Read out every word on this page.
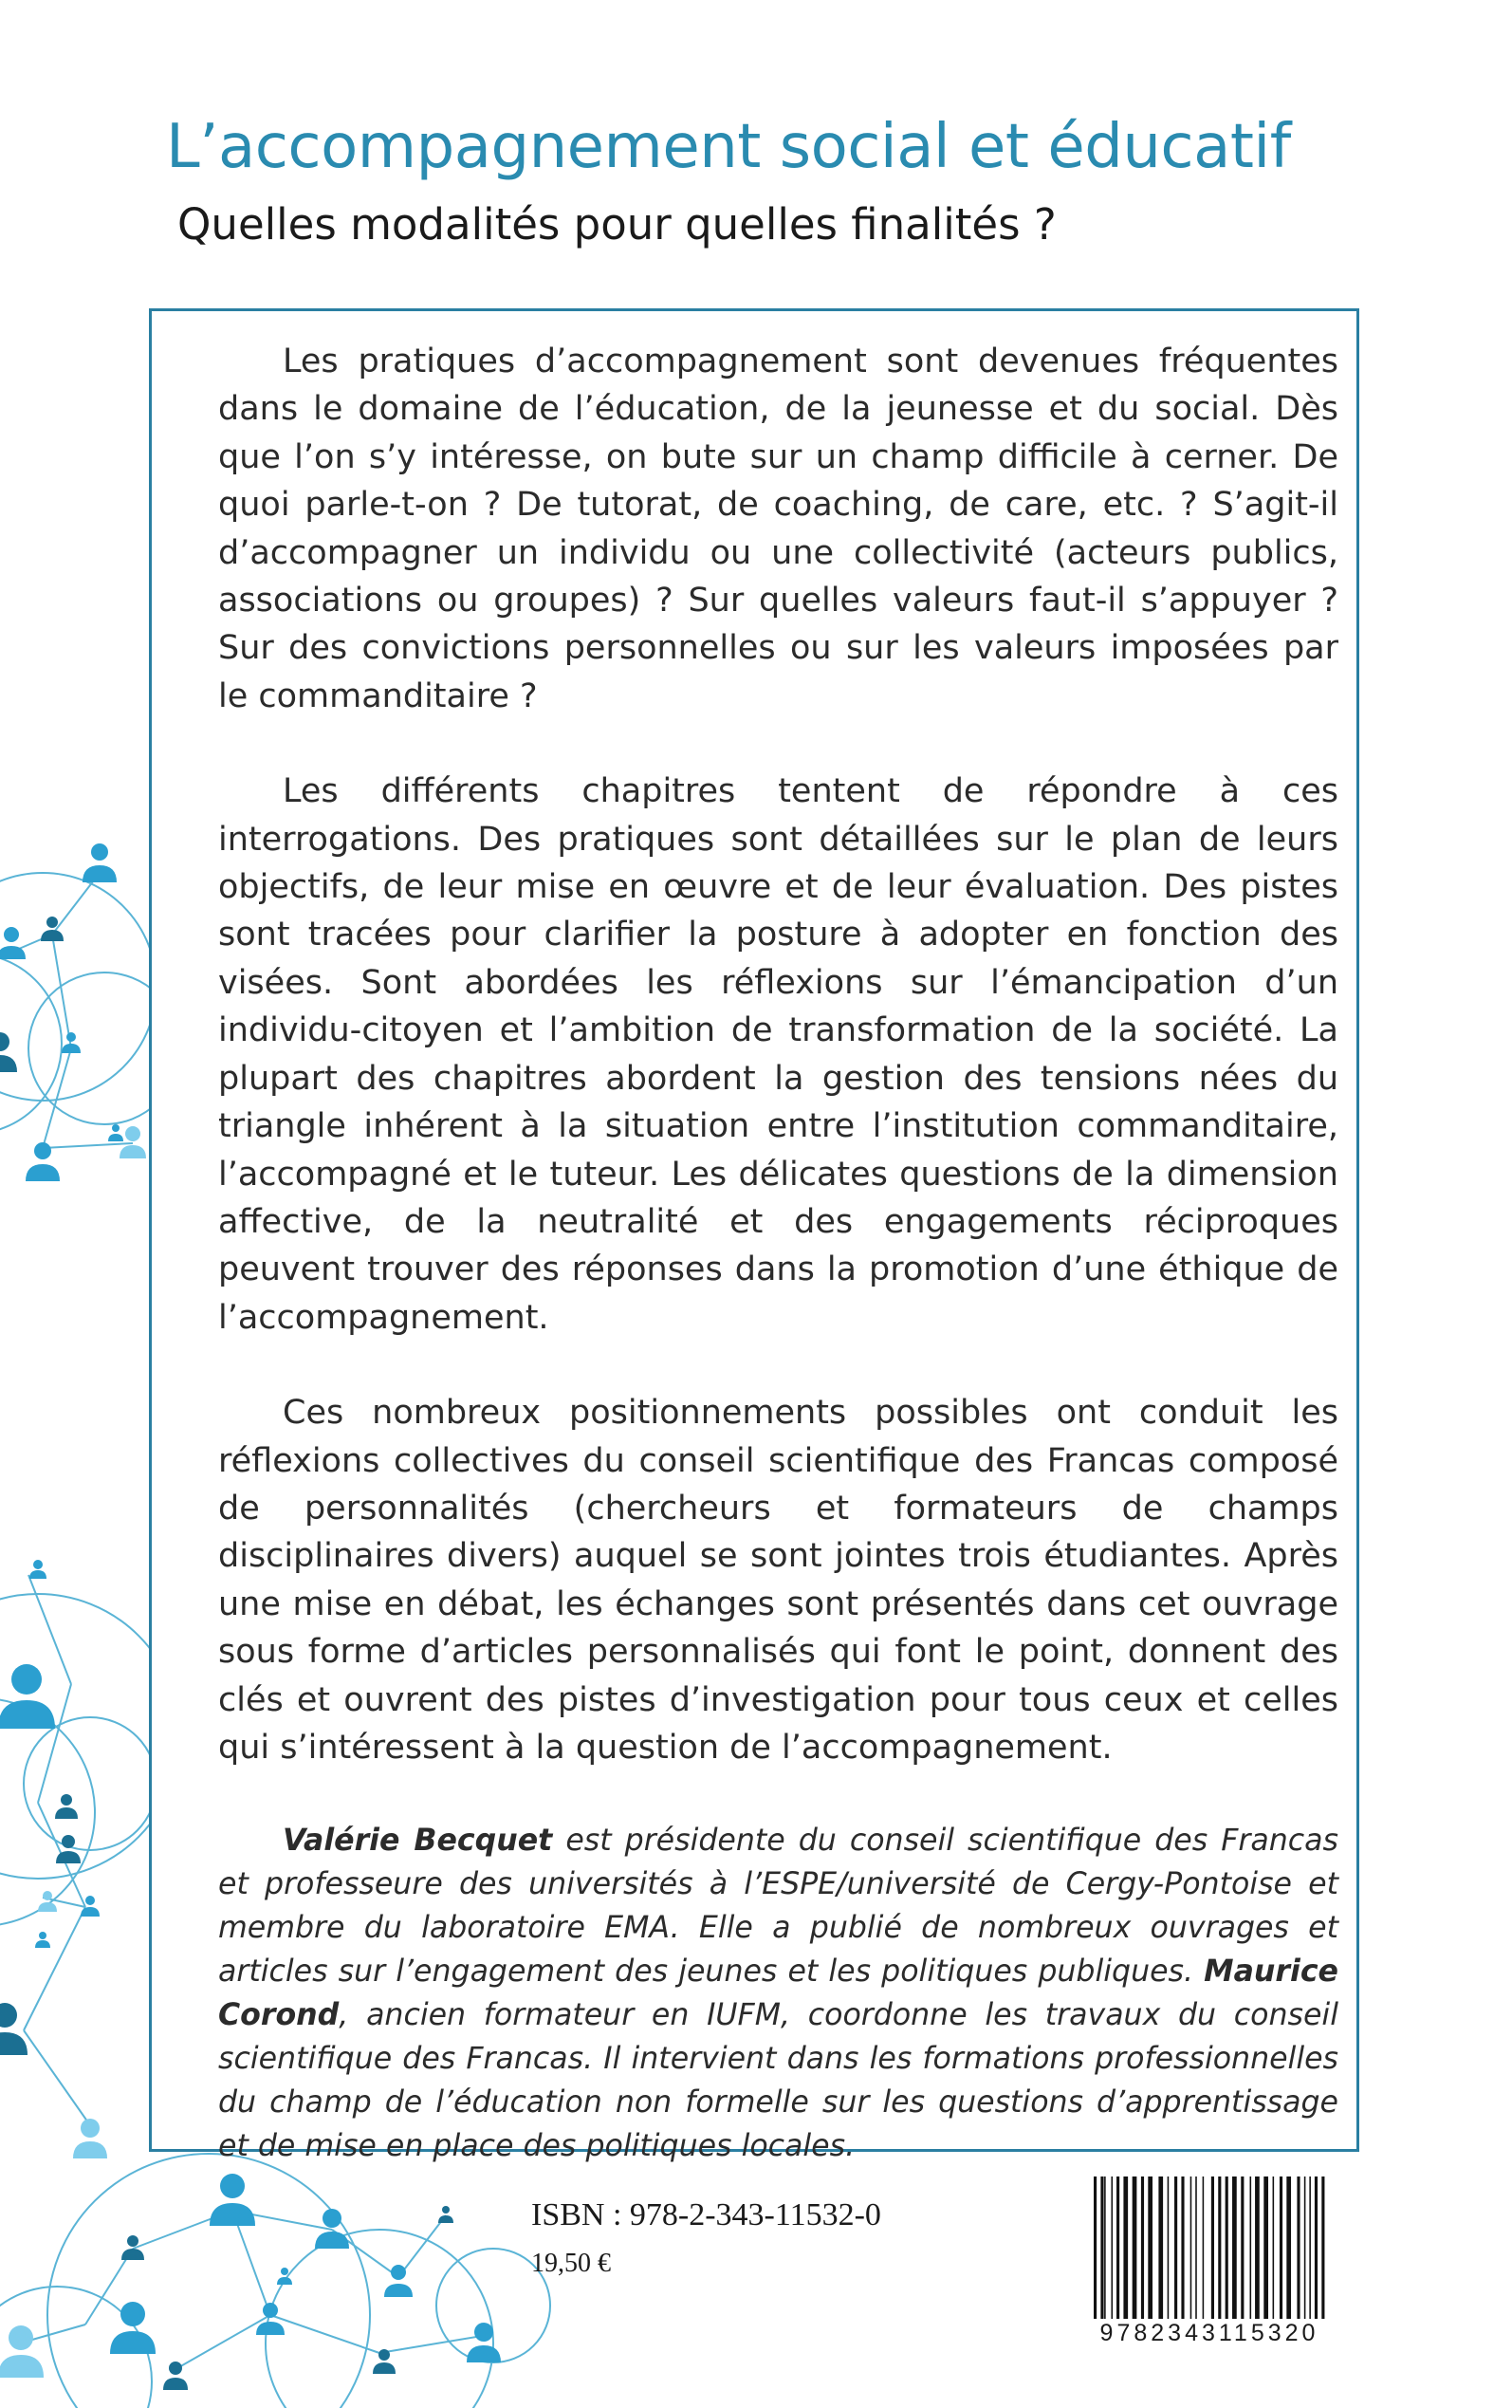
L’accompagnement social et éducatif
Quelles modalités pour quelles finalités ?

Les pratiques d’accompagnement sont devenues fréquentes dans le domaine de l’éducation, de la jeunesse et du social. Dès que l’on s’y intéresse, on bute sur un champ difficile à cerner. De quoi parle-t-on ? De tutorat, de coaching, de care, etc. ? S’agit-il d’accompagner un individu ou une collectivité (acteurs publics, associations ou groupes) ? Sur quelles valeurs faut-il s’appuyer ? Sur des convictions personnelles ou sur les valeurs imposées par le commanditaire ?

Les différents chapitres tentent de répondre à ces interrogations. Des pratiques sont détaillées sur le plan de leurs objectifs, de leur mise en œuvre et de leur évaluation. Des pistes sont tracées pour clarifier la posture à adopter en fonction des visées. Sont abordées les réflexions sur l’émancipation d’un individu-citoyen et l’ambition de transformation de la société. La plupart des chapitres abordent la gestion des tensions nées du triangle inhérent à la situation entre l’institution commanditaire, l’accompagné et le tuteur. Les délicates questions de la dimension affective, de la neutralité et des engagements réciproques peuvent trouver des réponses dans la promotion d’une éthique de l’accompagnement.

Ces nombreux positionnements possibles ont conduit les réflexions collectives du conseil scientifique des Francas composé de personnalités (chercheurs et formateurs de champs disciplinaires divers) auquel se sont jointes trois étudiantes. Après une mise en débat, les échanges sont présentés dans cet ouvrage sous forme d’articles personnalisés qui font le point, donnent des clés et ouvrent des pistes d’investigation pour tous ceux et celles qui s’intéressent à la question de l’accompagnement.

Valérie Becquet est présidente du conseil scientifique des Francas et professeure des universités à l’ESPE/université de Cergy-Pontoise et membre du laboratoire EMA. Elle a publié de nombreux ouvrages et articles sur l’engagement des jeunes et les politiques publiques. Maurice Corond, ancien formateur en IUFM, coordonne les travaux du conseil scientifique des Francas. Il intervient dans les formations professionnelles du champ de l’éducation non formelle sur les questions d’apprentissage et de mise en place des politiques locales.

ISBN : 978-2-343-11532-0

19,50 €

9782343115320
